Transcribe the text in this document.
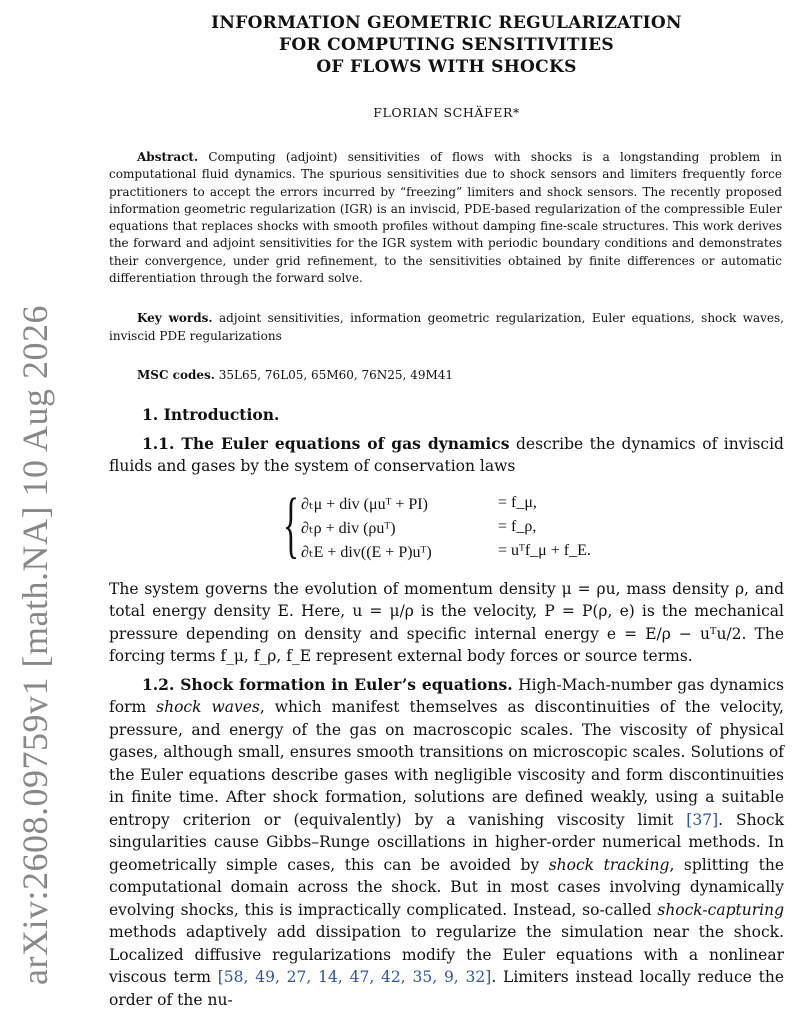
arXiv:2608.09759v1 [math.NA] 10 Aug 2026
INFORMATION GEOMETRIC REGULARIZATION
FOR COMPUTING SENSITIVITIES
OF FLOWS WITH SHOCKS
FLORIAN SCHÄFER*
Abstract. Computing (adjoint) sensitivities of flows with shocks is a longstanding problem in computational fluid dynamics. The spurious sensitivities due to shock sensors and limiters frequently force practitioners to accept the errors incurred by “freezing” limiters and shock sensors. The recently proposed information geometric regularization (IGR) is an inviscid, PDE-based regularization of the compressible Euler equations that replaces shocks with smooth profiles without damping fine-scale structures. This work derives the forward and adjoint sensitivities for the IGR system with periodic boundary conditions and demonstrates their convergence, under grid refinement, to the sensitivities obtained by finite differences or automatic differentiation through the forward solve.
Key words. adjoint sensitivities, information geometric regularization, Euler equations, shock waves, inviscid PDE regularizations
MSC codes. 35L65, 76L05, 65M60, 76N25, 49M41
1. Introduction.
1.1. The Euler equations of gas dynamics describe the dynamics of inviscid fluids and gases by the system of conservation laws
{ ∂ₜμ + div (μuᵀ + PI)	= f_μ,
∂ₜρ + div (ρuᵀ)	= f_ρ,
∂ₜE + div((E + P)uᵀ)	= uᵀf_μ + f_E.
The system governs the evolution of momentum density μ = ρu, mass density ρ, and total energy density E. Here, u = μ/ρ is the velocity, P = P(ρ, e) is the mechanical pressure depending on density and specific internal energy e = E/ρ − uᵀu/2. The forcing terms f_μ, f_ρ, f_E represent external body forces or source terms.
1.2. Shock formation in Euler’s equations. High-Mach-number gas dynamics form shock waves, which manifest themselves as discontinuities of the velocity, pressure, and energy of the gas on macroscopic scales. The viscosity of physical gases, although small, ensures smooth transitions on microscopic scales. Solutions of the Euler equations describe gases with negligible viscosity and form discontinuities in finite time. After shock formation, solutions are defined weakly, using a suitable entropy criterion or (equivalently) by a vanishing viscosity limit [37]. Shock singularities cause Gibbs–Runge oscillations in higher-order numerical methods. In geometrically simple cases, this can be avoided by shock tracking, splitting the computational domain across the shock. But in most cases involving dynamically evolving shocks, this is impractically complicated. Instead, so-called shock-capturing methods adaptively add dissipation to regularize the simulation near the shock. Localized diffusive regularizations modify the Euler equations with a nonlinear viscous term [58, 49, 27, 14, 47, 42, 35, 9, 32]. Limiters instead locally reduce the order of the nu-
